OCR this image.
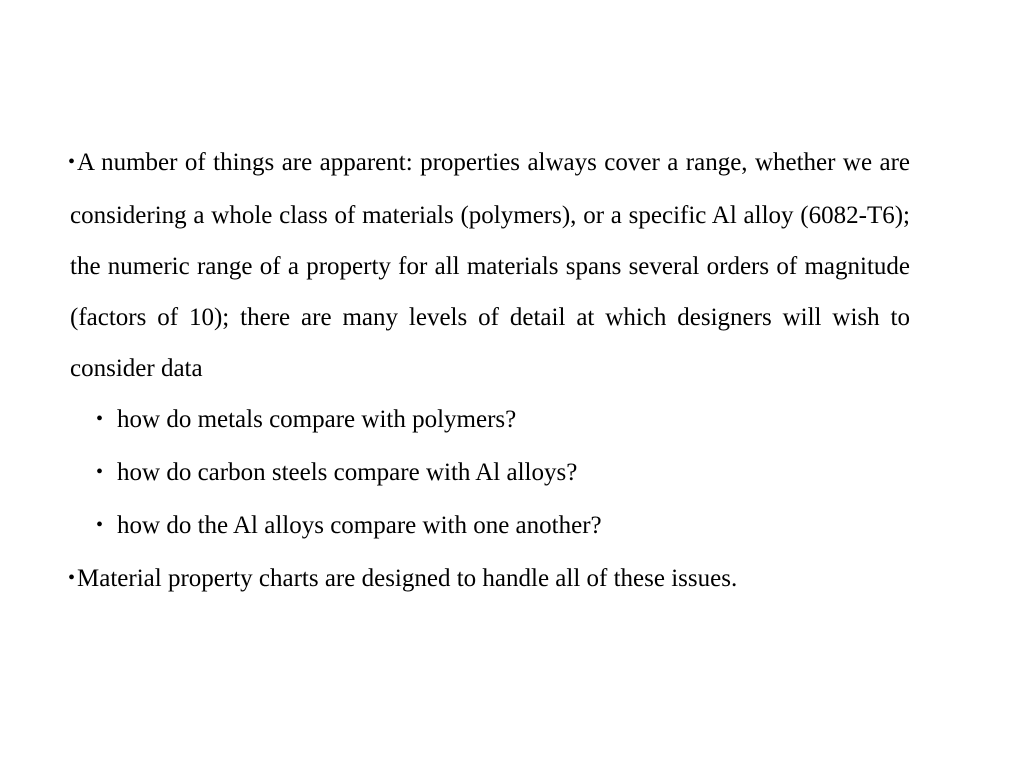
•A number of things are apparent: properties always cover a range, whether we are considering a whole class of materials (polymers), or a specific Al alloy (6082-T6); the numeric range of a property for all materials spans several orders of magnitude (factors of 10); there are many levels of detail at which designers will wish to consider data

• how do metals compare with polymers?
• how do carbon steels compare with Al alloys?
• how do the Al alloys compare with one another?

•Material property charts are designed to handle all of these issues.
